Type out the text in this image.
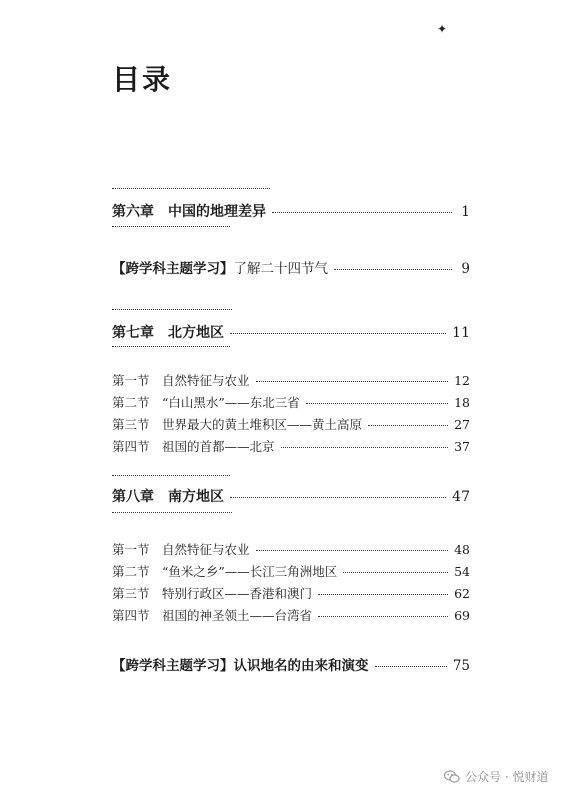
✦
目录
第六章	中国的地理差异	1
【跨学科主题学习】了解二十四节气	9
第七章	北方地区	11
第一节 自然特征与农业	12
第二节 “白山黑水”——东北三省	18
第三节 世界最大的黄土堆积区——黄土高原	27
第四节 祖国的首都——北京	37
第八章	南方地区	47
第一节 自然特征与农业	48
第二节 “鱼米之乡”——长江三角洲地区	54
第三节 特别行政区——香港和澳门	62
第四节 祖国的神圣领土——台湾省	69
【跨学科主题学习】认识地名的由来和演变	75
公众号 · 悦财道
